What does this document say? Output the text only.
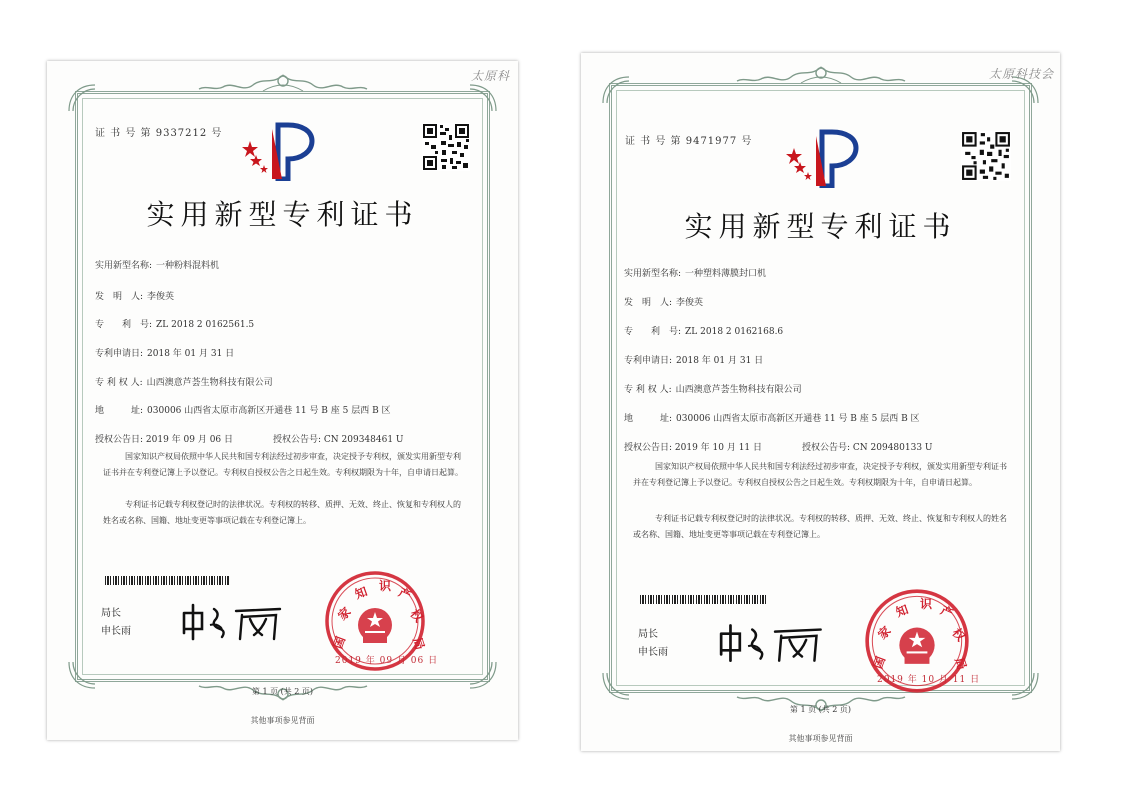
太原科
证 书 号 第 9337212 号
实用新型专利证书
实用新型名称: 一种粉料混料机
发　明　人: 李俊英
专　　利　号: ZL 2018 2 0162561.5
专利申请日: 2018 年 01 月 31 日
专 利 权 人: 山西澳意芦荟生物科技有限公司
地　　　址: 030006 山西省太原市高新区开通巷 11 号 B 座 5 层西 B 区
授权公告日: 2019 年 09 月 06 日	授权公告号: CN 209348461 U
国家知识产权局依照中华人民共和国专利法经过初步审查，决定授予专利权，颁发实用新型专利证书并在专利登记簿上予以登记。专利权自授权公告之日起生效。专利权期限为十年，自申请日起算。
专利证书记载专利权登记时的法律状况。专利权的转移、质押、无效、终止、恢复和专利权人的姓名或名称、国籍、地址变更等事项记载在专利登记簿上。
局长
申长雨
国
家
知 识 产
权
局
2019 年 09 月 06 日
第 1 页 (共 2 页)
其他事项参见背面
太原科技会
证 书 号 第 9471977 号
实用新型专利证书
实用新型名称: 一种塑料薄膜封口机
发　明　人: 李俊英
专　　利　号: ZL 2018 2 0162168.6
专利申请日: 2018 年 01 月 31 日
专 利 权 人: 山西澳意芦荟生物科技有限公司
地　　　址: 030006 山西省太原市高新区开通巷 11 号 B 座 5 层西 B 区
授权公告日: 2019 年 10 月 11 日	授权公告号: CN 209480133 U
国家知识产权局依照中华人民共和国专利法经过初步审查，决定授予专利权，颁发实用新型专利证书并在专利登记簿上予以登记。专利权自授权公告之日起生效。专利权期限为十年，自申请日起算。
专利证书记载专利权登记时的法律状况。专利权的转移、质押、无效、终止、恢复和专利权人的姓名或名称、国籍、地址变更等事项记载在专利登记簿上。
局长
申长雨
国
家
知 识 产
权
局
2019 年 10 月 11 日
第 1 页 (共 2 页)
其他事项参见背面
